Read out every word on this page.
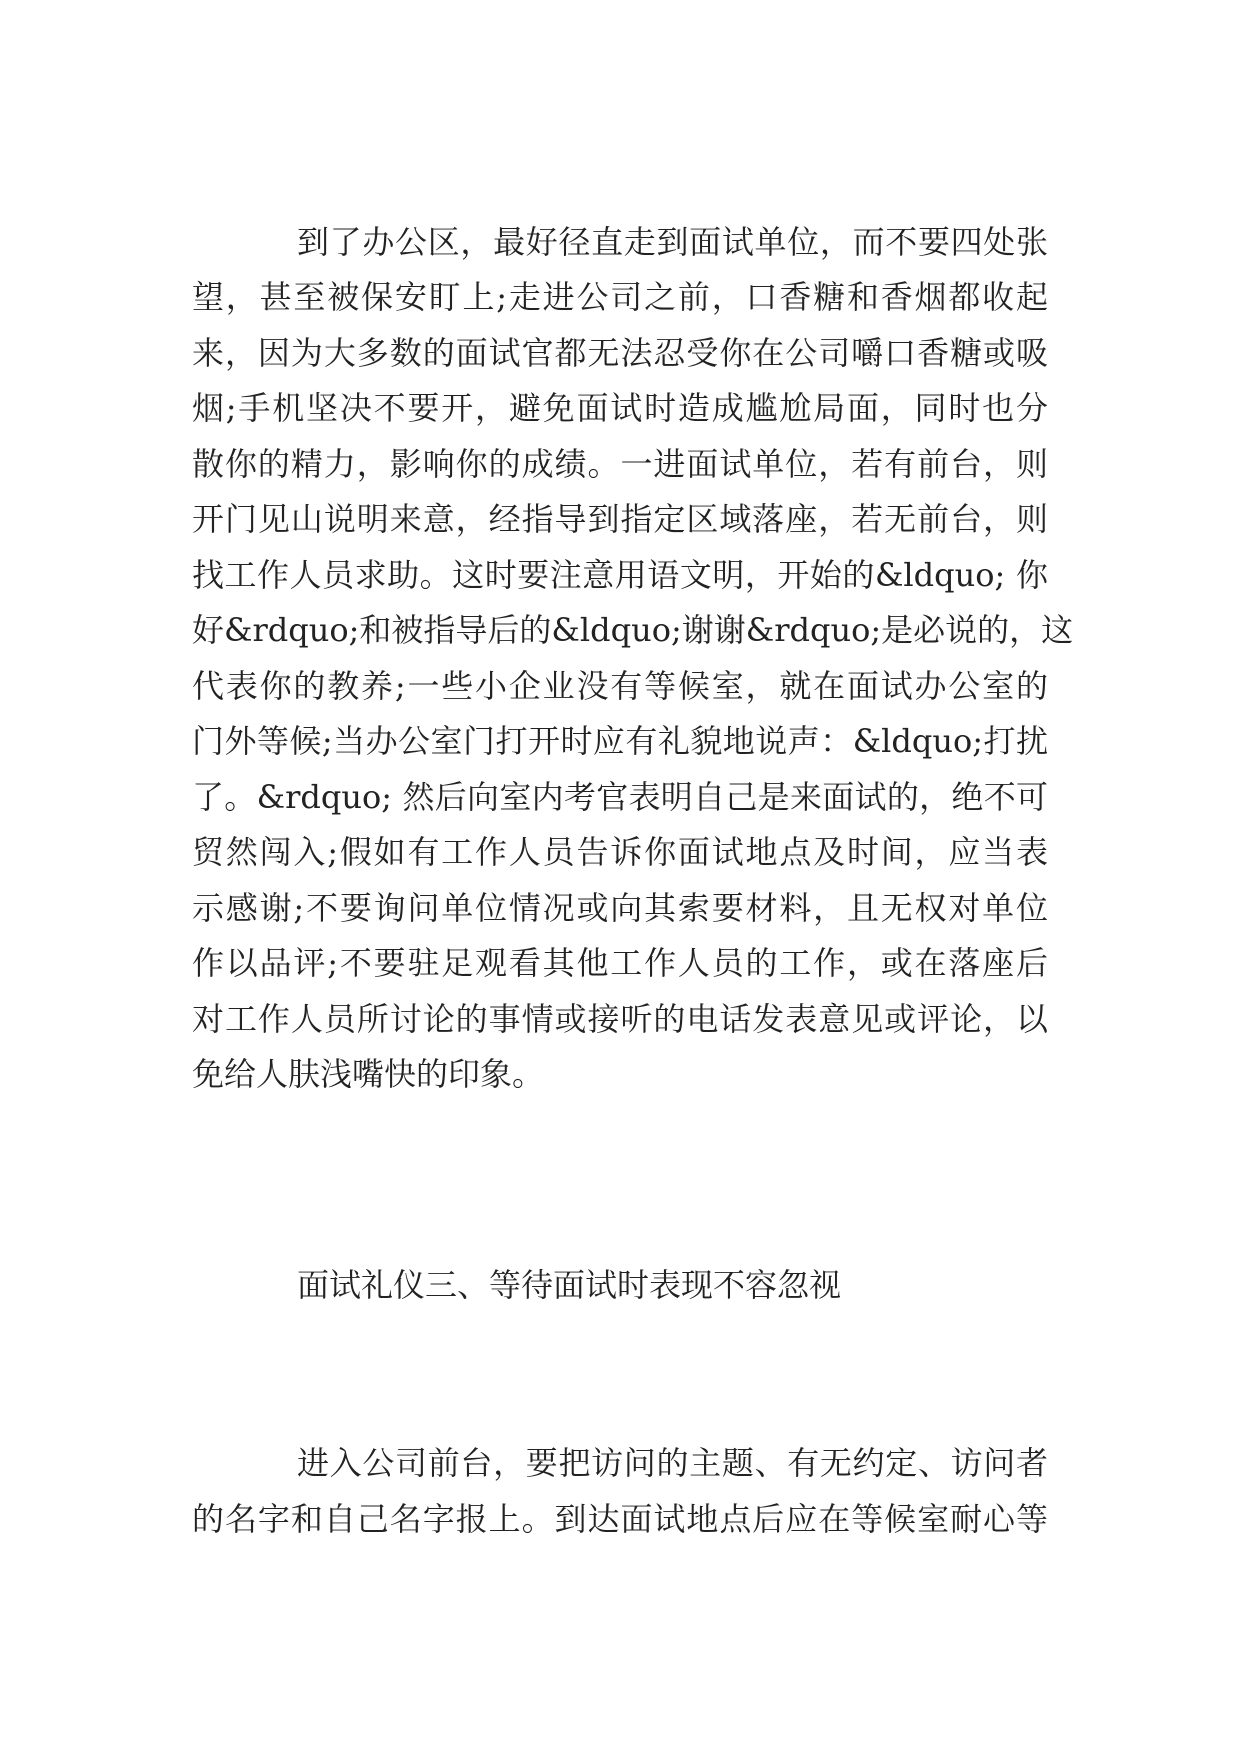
到了办公区，最好径直走到面试单位，而不要四处张
望，甚至被保安盯上;走进公司之前，口香糖和香烟都收起
来，因为大多数的面试官都无法忍受你在公司嚼口香糖或吸
烟;手机坚决不要开，避免面试时造成尴尬局面，同时也分
散你的精力，影响你的成绩。一进面试单位，若有前台，则
开门见山说明来意，经指导到指定区域落座，若无前台，则
找工作人员求助。这时要注意用语文明，开始的&ldquo; 你
好&rdquo;和被指导后的&ldquo;谢谢&rdquo;是必说的，这
代表你的教养;一些小企业没有等候室，就在面试办公室的
门外等候;当办公室门打开时应有礼貌地说声：&ldquo;打扰
了。&rdquo; 然后向室内考官表明自己是来面试的，绝不可
贸然闯入;假如有工作人员告诉你面试地点及时间，应当表
示感谢;不要询问单位情况或向其索要材料，且无权对单位
作以品评;不要驻足观看其他工作人员的工作，或在落座后
对工作人员所讨论的事情或接听的电话发表意见或评论，以
免给人肤浅嘴快的印象。
面试礼仪三、等待面试时表现不容忽视
进入公司前台，要把访问的主题、有无约定、访问者
的名字和自己名字报上。到达面试地点后应在等候室耐心等
